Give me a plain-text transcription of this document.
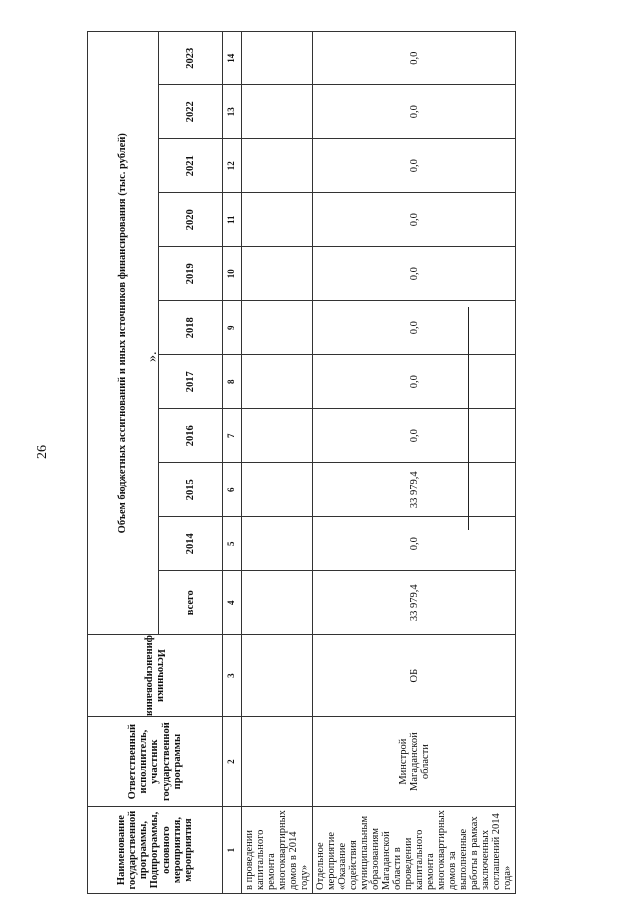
26
Наименование государственной программы, Подпрограммы, основного мероприятия, мероприятия	Ответственный исполнитель, участник государственной программы	Источники финансирования	Объем бюджетных ассигнований и иных источников финансирования (тыс. рублей)										
			всего	2014	2015	2016	2017	2018	2019	2020	2021	2022	2023
1	2	3	4	5	6	7	8	9	10	11	12	13	14
в проведении капитального ремонта многоквартирных домов в 2014 году»													
Отдельное мероприятие «Оказание содействия муниципальным образованиям Магаданской области в проведении капитального ремонта многоквартирных домов за выполненные работы в рамках заключенных соглашений 2014 года»	Минстрой Магаданской области	ОБ	33 979,4	0,0	33 979,4	0,0	0,0	0,0	0,0	0,0	0,0	0,0	0,0
».
